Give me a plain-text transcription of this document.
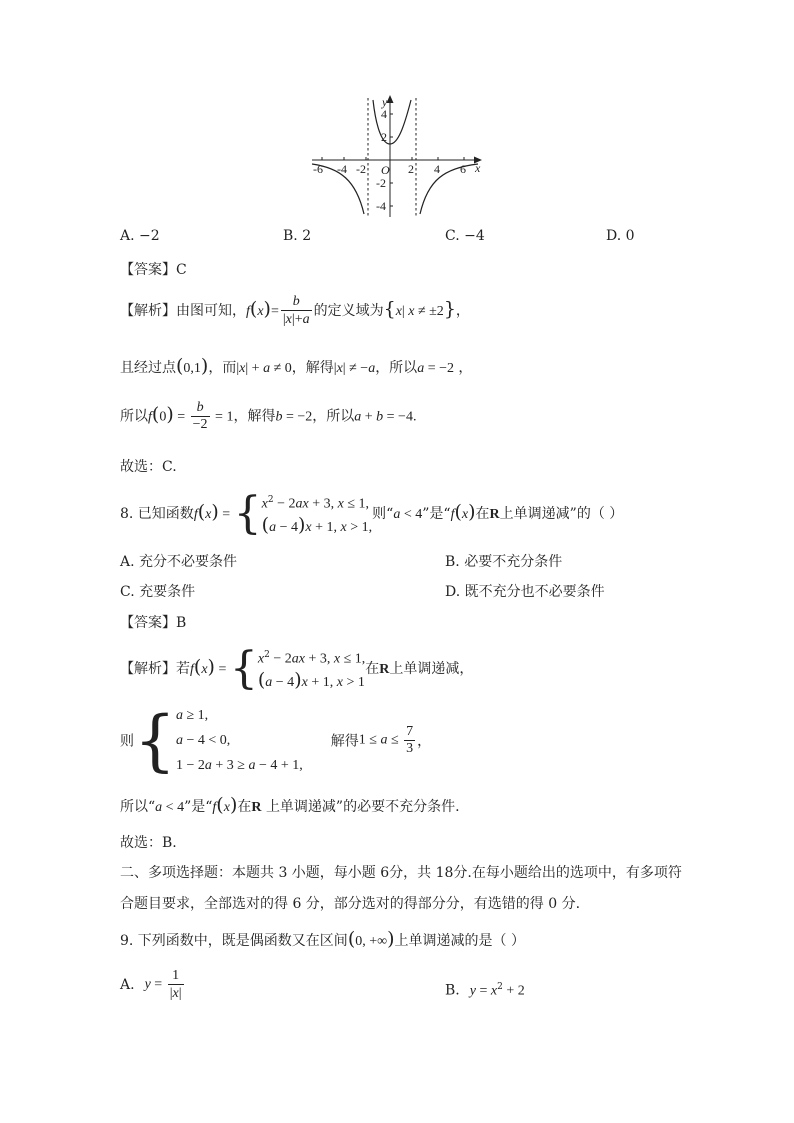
y
x
O
-6 -4 -2	2 4 6
4
2
-2
-4
A. −2	B. 2	C. −4	D. 0
【答案】C
【解析】由图可知，$f(x)= \frac{b}{|x|+a}$ 的定义域为{x| x ≠ ±2}，
且经过点(0,1)，而|x| + a ≠ 0，解得|x| ≠ −a，所以a = −2 ，
所以$f(0) = \frac{b}{-2} = 1$，解得b = −2，所以a + b = −4.
故选：C.
8. 已知函数f(x) = { $x^2 - 2ax + 3$, x ≤ 1,
(a − 4)x + 1, x > 1,
则“a < 4”是“f(x)在R上单调递减”的（ ）
A. 充分不必要条件	B. 必要不充分条件
C. 充要条件	D. 既不充分也不必要条件
【答案】B
【解析】若f(x) = { $x^2 - 2ax + 3$, x ≤ 1,
(a − 4)x + 1, x > 1
在R上单调递减，
则 { a ≥ 1,
a − 4 < 0,
1 − 2a + 3 ≥ a − 4 + 1,
解得$1 \le a \le \frac{7}{3}$ ，
所以“a < 4”是“f(x)在R 上单调递减”的必要不充分条件.
故选：B.
二、多项选择题：本题共 3 小题，每小题 6分，共 18分.在每小题给出的选项中，有多项符
合题目要求，全部选对的得 6 分，部分选对的得部分分，有选错的得 0 分.
9. 下列函数中，既是偶函数又在区间(0, +∞)上单调递减的是（ ）
A. $y = \frac{1}{|x|}$	B. $y = x^2 + 2$
